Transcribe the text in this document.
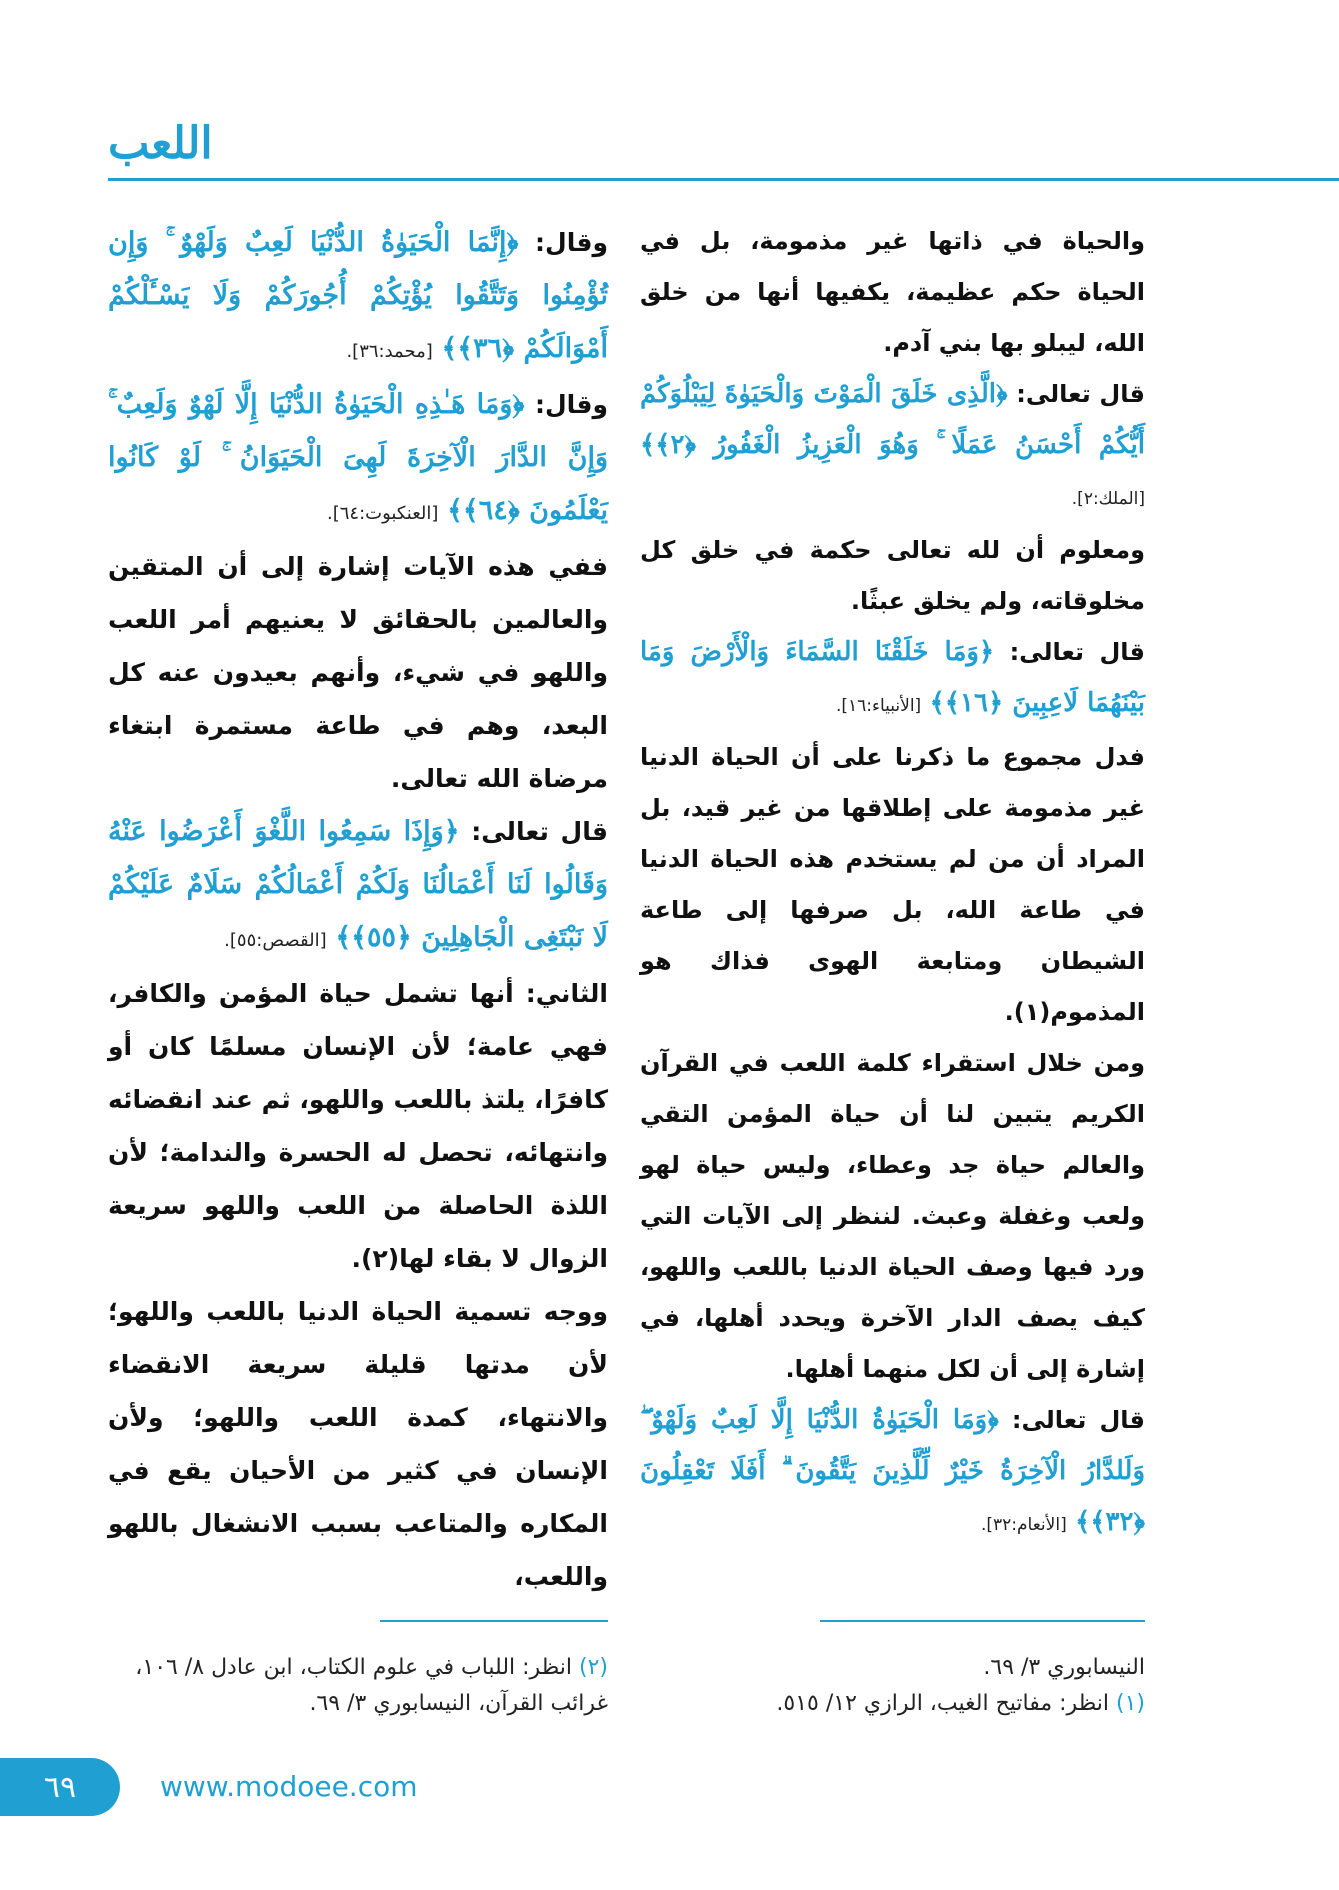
اللعب

والحياة في ذاتها غير مذمومة، بل في الحياة حكم عظيمة، يكفيها أنها من خلق الله، ليبلو بها بني آدم.

قال تعالى: ﴿الَّذِى خَلَقَ الْمَوْتَ وَالْحَيَوٰةَ لِيَبْلُوَكُمْ أَيُّكُمْ أَحْسَنُ عَمَلًا ۚ وَهُوَ الْعَزِيزُ الْغَفُورُ ﴿٢﴾﴾ [الملك:٢].

ومعلوم أن لله تعالى حكمة في خلق كل مخلوقاته، ولم يخلق عبثًا.

قال تعالى: ﴿وَمَا خَلَقْنَا السَّمَاءَ وَالْأَرْضَ وَمَا بَيْنَهُمَا لَاعِبِينَ ﴿١٦﴾﴾ [الأنبياء:١٦].

فدل مجموع ما ذكرنا على أن الحياة الدنيا غير مذمومة على إطلاقها من غير قيد، بل المراد أن من لم يستخدم هذه الحياة الدنيا في طاعة الله، بل صرفها إلى طاعة الشيطان ومتابعة الهوى فذاك هو المذموم(١).

ومن خلال استقراء كلمة اللعب في القرآن الكريم يتبين لنا أن حياة المؤمن التقي والعالم حياة جد وعطاء، وليس حياة لهو ولعب وغفلة وعبث. لننظر إلى الآيات التي ورد فيها وصف الحياة الدنيا باللعب واللهو، كيف يصف الدار الآخرة ويحدد أهلها، في إشارة إلى أن لكل منهما أهلها.

قال تعالى: ﴿وَمَا الْحَيَوٰةُ الدُّنْيَا إِلَّا لَعِبٌ وَلَهْوٌ ۖ وَلَلدَّارُ الْآخِرَةُ خَيْرٌ لِّلَّذِينَ يَتَّقُونَ ۗ أَفَلَا تَعْقِلُونَ ﴿٣٢﴾﴾ [الأنعام:٣٢].

وقال: ﴿إِنَّمَا الْحَيَوٰةُ الدُّنْيَا لَعِبٌ وَلَهْوٌ ۚ وَإِن تُؤْمِنُوا وَتَتَّقُوا يُؤْتِكُمْ أُجُورَكُمْ وَلَا يَسْـَٔلْكُمْ أَمْوَالَكُمْ ﴿٣٦﴾﴾ [محمد:٣٦].

وقال: ﴿وَمَا هَـٰذِهِ الْحَيَوٰةُ الدُّنْيَا إِلَّا لَهْوٌ وَلَعِبٌ ۚ وَإِنَّ الدَّارَ الْآخِرَةَ لَهِىَ الْحَيَوَانُ ۚ لَوْ كَانُوا يَعْلَمُونَ ﴿٦٤﴾﴾ [العنكبوت:٦٤].

ففي هذه الآيات إشارة إلى أن المتقين والعالمين بالحقائق لا يعنيهم أمر اللعب واللهو في شيء، وأنهم بعيدون عنه كل البعد، وهم في طاعة مستمرة ابتغاء مرضاة الله تعالى.

قال تعالى: ﴿وَإِذَا سَمِعُوا اللَّغْوَ أَعْرَضُوا عَنْهُ وَقَالُوا لَنَا أَعْمَالُنَا وَلَكُمْ أَعْمَالُكُمْ سَلَامٌ عَلَيْكُمْ لَا نَبْتَغِى الْجَاهِلِينَ ﴿٥٥﴾﴾ [القصص:٥٥].

الثاني: أنها تشمل حياة المؤمن والكافر، فهي عامة؛ لأن الإنسان مسلمًا كان أو كافرًا، يلتذ باللعب واللهو، ثم عند انقضائه وانتهائه، تحصل له الحسرة والندامة؛ لأن اللذة الحاصلة من اللعب واللهو سريعة الزوال لا بقاء لها(٢).

ووجه تسمية الحياة الدنيا باللعب واللهو؛ لأن مدتها قليلة سريعة الانقضاء والانتهاء، كمدة اللعب واللهو؛ ولأن الإنسان في كثير من الأحيان يقع في المكاره والمتاعب بسبب الانشغال باللهو واللعب،

النيسابوري ٣/ ٦٩.
(١) انظر: مفاتيح الغيب، الرازي ١٢/ ٥١٥.
(٢) انظر: اللباب في علوم الكتاب، ابن عادل ٨/ ١٠٦، غرائب القرآن، النيسابوري ٣/ ٦٩.
٦٩	www.modoee.com
